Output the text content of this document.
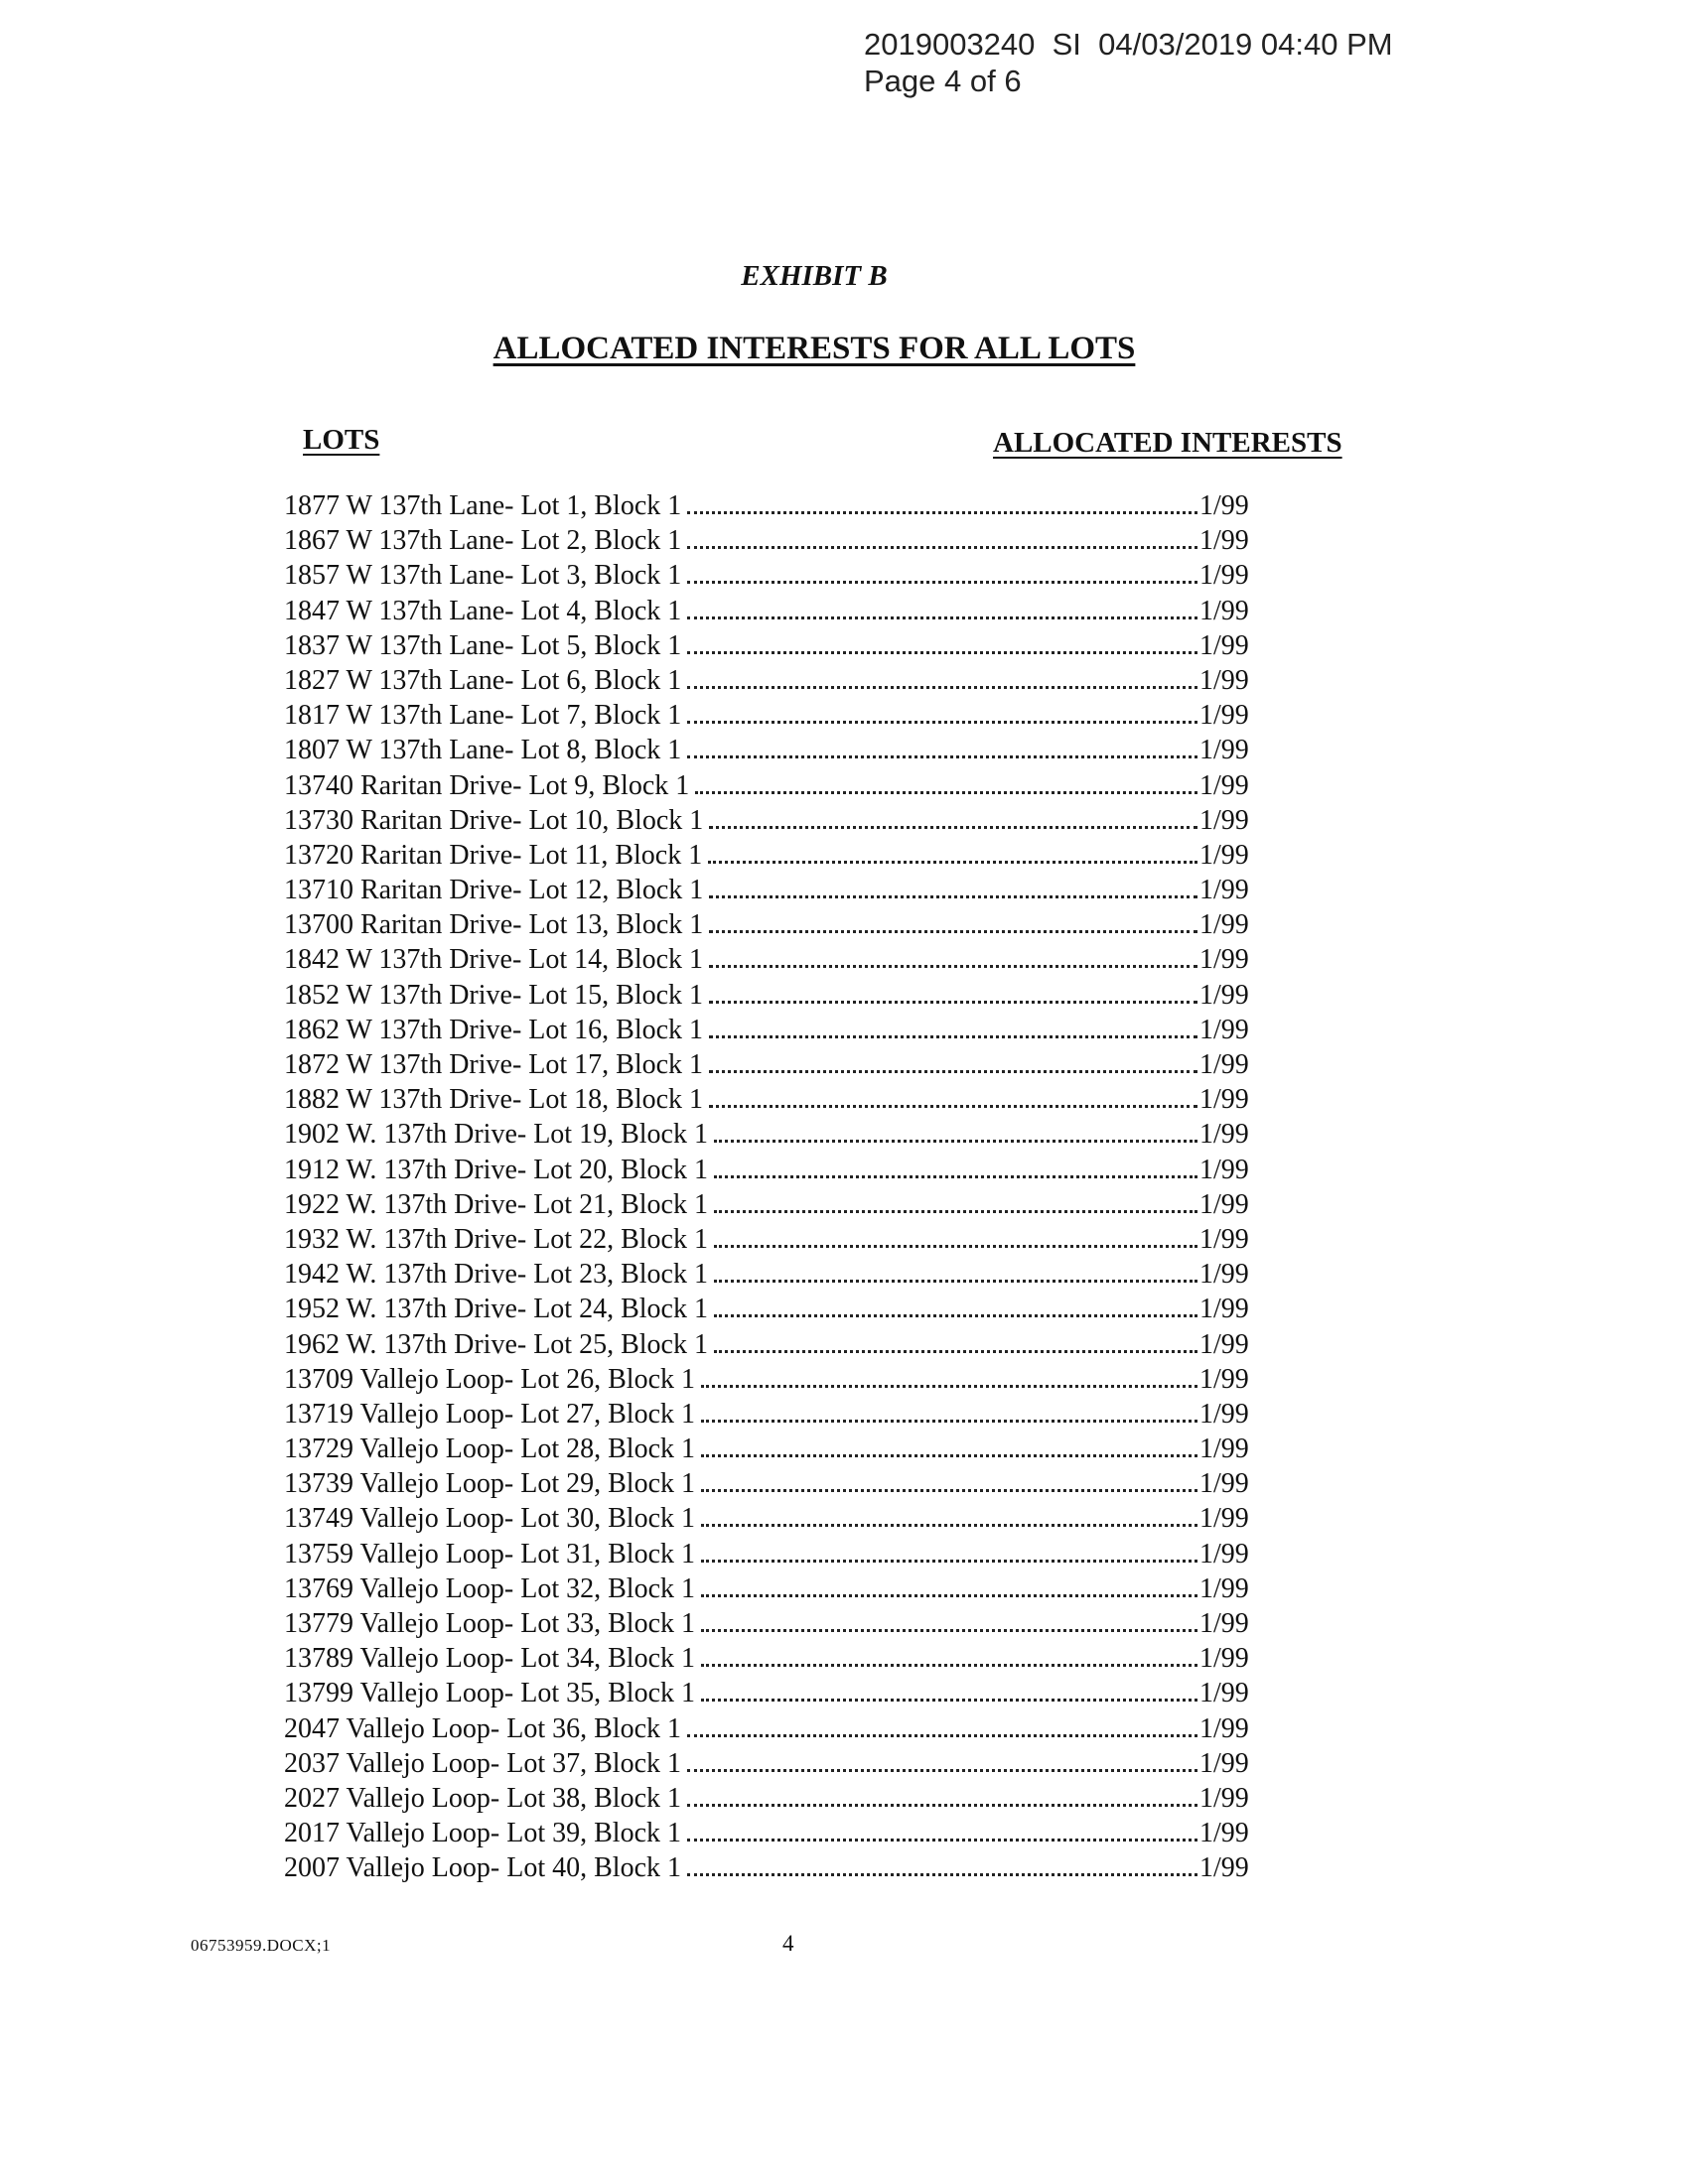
2019003240  SI  04/03/2019 04:40 PM
Page 4 of 6
EXHIBIT B
ALLOCATED INTERESTS FOR ALL LOTS
LOTS	ALLOCATED INTERESTS
1877 W 137th Lane- Lot 1, Block 1	1/99
1867 W 137th Lane- Lot 2, Block 1	1/99
1857 W 137th Lane- Lot 3, Block 1	1/99
1847 W 137th Lane- Lot 4, Block 1	1/99
1837 W 137th Lane- Lot 5, Block 1	1/99
1827 W 137th Lane- Lot 6, Block 1	1/99
1817 W 137th Lane- Lot 7, Block 1	1/99
1807 W 137th Lane- Lot 8, Block 1	1/99
13740 Raritan Drive- Lot 9, Block 1	1/99
13730 Raritan Drive- Lot 10, Block 1	1/99
13720 Raritan Drive- Lot 11, Block 1	1/99
13710 Raritan Drive- Lot 12, Block 1	1/99
13700 Raritan Drive- Lot 13, Block 1	1/99
1842 W 137th Drive- Lot 14, Block 1	1/99
1852 W 137th Drive- Lot 15, Block 1	1/99
1862 W 137th Drive- Lot 16, Block 1	1/99
1872 W 137th Drive- Lot 17, Block 1	1/99
1882 W 137th Drive- Lot 18, Block 1	1/99
1902 W. 137th Drive- Lot 19, Block 1	1/99
1912 W. 137th Drive- Lot 20, Block 1	1/99
1922 W. 137th Drive- Lot 21, Block 1	1/99
1932 W. 137th Drive- Lot 22, Block 1	1/99
1942 W. 137th Drive- Lot 23, Block 1	1/99
1952 W. 137th Drive- Lot 24, Block 1	1/99
1962 W. 137th Drive- Lot 25, Block 1	1/99
13709 Vallejo Loop- Lot 26, Block 1	1/99
13719 Vallejo Loop- Lot 27, Block 1	1/99
13729 Vallejo Loop- Lot 28, Block 1	1/99
13739 Vallejo Loop- Lot 29, Block 1	1/99
13749 Vallejo Loop- Lot 30, Block 1	1/99
13759 Vallejo Loop- Lot 31, Block 1	1/99
13769 Vallejo Loop- Lot 32, Block 1	1/99
13779 Vallejo Loop- Lot 33, Block 1	1/99
13789 Vallejo Loop- Lot 34, Block 1	1/99
13799 Vallejo Loop- Lot 35, Block 1	1/99
2047 Vallejo Loop- Lot 36, Block 1	1/99
2037 Vallejo Loop- Lot 37, Block 1	1/99
2027 Vallejo Loop- Lot 38, Block 1	1/99
2017 Vallejo Loop- Lot 39, Block 1	1/99
2007 Vallejo Loop- Lot 40, Block 1	1/99
06753959.DOCX;1	4
